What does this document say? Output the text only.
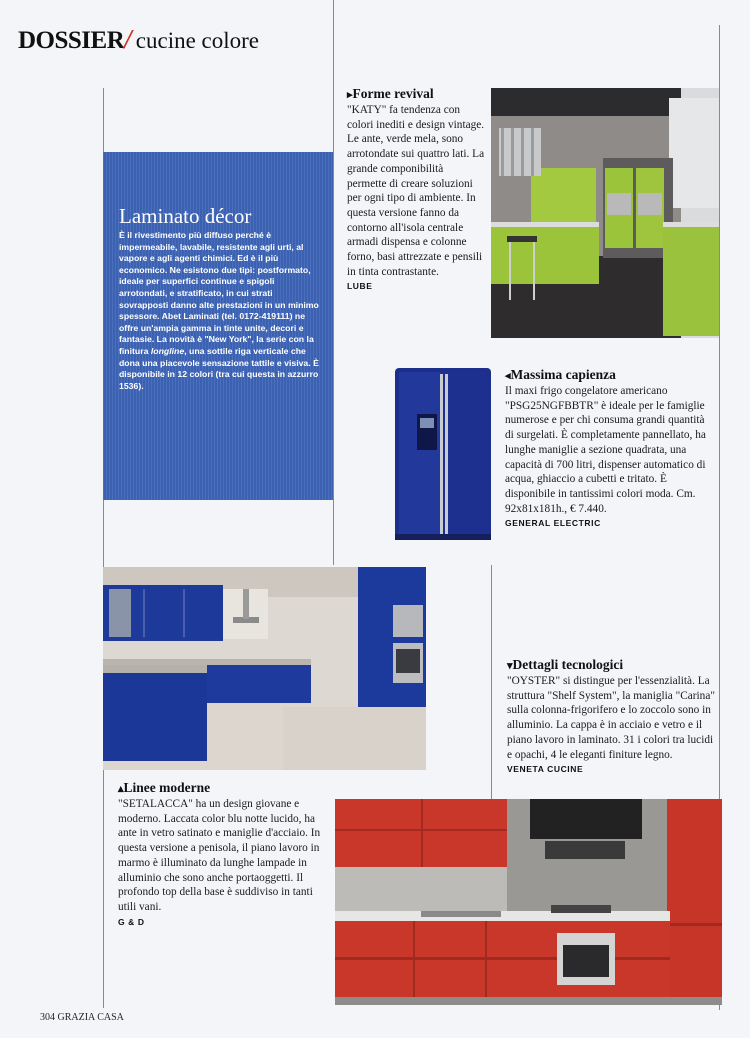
DOSSIER/ cucine colore
Laminato décor
È il rivestimento più diffuso perché è impermeabile, lavabile, resistente agli urti, al vapore e agli agenti chimici. Ed è il più economico. Ne esistono due tipi: postformato, ideale per superfici continue e spigoli arrotondati, e stratificato, in cui strati sovrapposti danno alte prestazioni in un minimo spessore. Abet Laminati (tel. 0172-419111) ne offre un'ampia gamma in tinte unite, decori e fantasie. La novità è "New York", la serie con la finitura longline, una sottile riga verticale che dona una piacevole sensazione tattile e visiva. È disponibile in 12 colori (tra cui questa in azzurro 1536).
▸Forme revival
"KATY" fa tendenza con colori inediti e design vintage. Le ante, verde mela, sono arrotondate sui quattro lati. La grande componibilità permette di creare soluzioni per ogni tipo di ambiente. In questa versione fanno da contorno all'isola centrale armadi dispensa e colonne forno, basi attrezzate e pensili in tinta contrastante.
LUBE
◂Massima capienza
Il maxi frigo congelatore americano "PSG25NGFBBTR" è ideale per le famiglie numerose e per chi consuma grandi quantità di surgelati. È completamente pannellato, ha lunghe maniglie a sezione quadrata, una capacità di 700 litri, dispenser automatico di acqua, ghiaccio a cubetti e tritato. È disponibile in tantissimi colori moda. Cm. 92x81x181h., € 7.440.
GENERAL ELECTRIC
▾Dettagli tecnologici
"OYSTER" si distingue per l'essenzialità. La struttura "Shelf System", la maniglia "Carina" sulla colonna-frigorifero e lo zoccolo sono in alluminio. La cappa è in acciaio e vetro e il piano lavoro in laminato. 31 i colori tra lucidi e opachi, 4 le eleganti finiture legno.
VENETA CUCINE
▴Linee moderne
"SETALACCA" ha un design giovane e moderno. Laccata color blu notte lucido, ha ante in vetro satinato e maniglie d'acciaio. In questa versione a penisola, il piano lavoro in marmo è illuminato da lunghe lampade in alluminio che sono anche portaoggetti. Il profondo top della base è suddiviso in tanti utili vani.
G & D
304 GRAZIA CASA
